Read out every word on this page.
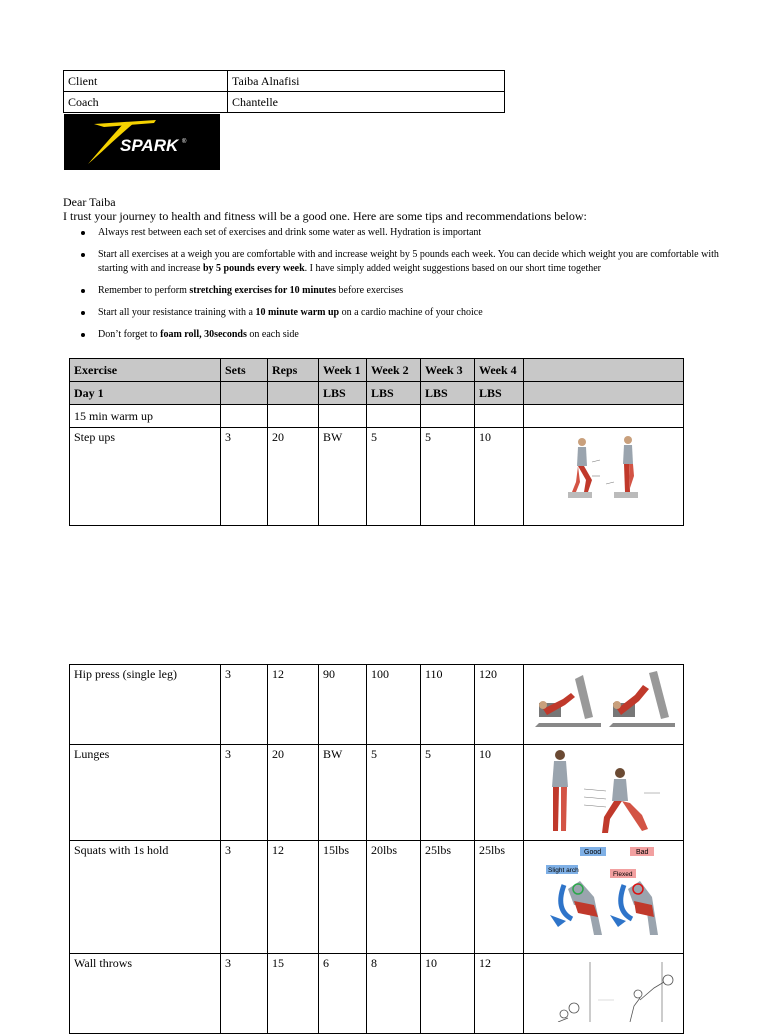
Client	Taiba Alnafisi
Coach	Chantelle
SPARK ®
Dear Taiba
I trust your journey to health and fitness will be a good one. Here are some tips and recommendations below:
Always rest between each set of exercises and drink some water as well. Hydration is important
Start all exercises at a weigh you are comfortable with and increase weight by 5 pounds each week. You can decide which weight you are comfortable with starting with and increase by 5 pounds every week. I have simply added weight suggestions based on our short time together
Remember to perform stretching exercises for 10 minutes before exercises
Start all your resistance training with a 10 minute warm up on a cardio machine of your choice
Don’t forget to foam roll, 30seconds on each side
Exercise	Sets	Reps	Week 1	Week 2	Week 3	Week 4	
Day 1			LBS	LBS	LBS	LBS	
15 min warm up							
Step ups	3	20	BW	5	5	10	
Hip press (single leg)	3	12	90	100	110	120	

Lunges	3	20	BW	5	5	10	

Squats with 1s hold	3	12	15lbs	20lbs	25lbs	25lbs	Good Bad
Slight arch
Flexed

Wall throws	3	15	6	8	10	12	
